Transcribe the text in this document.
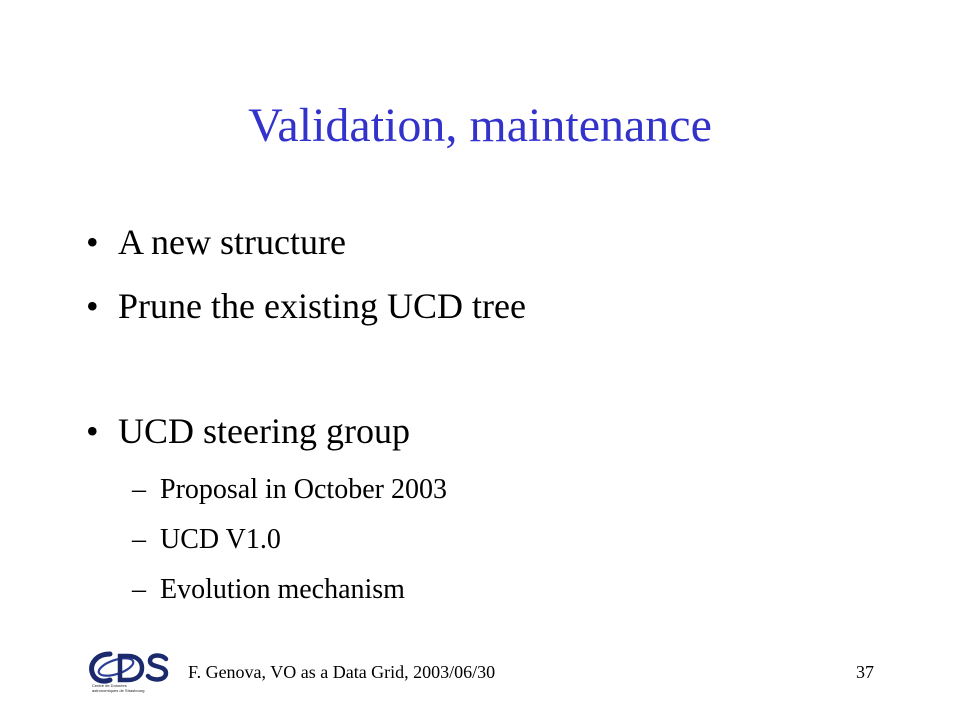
Validation, maintenance
• A new structure
• Prune the existing UCD tree
• UCD steering group
– Proposal in October 2003
– UCD V1.0
– Evolution mechanism
Centre de Données
astronomiques de Strasbourg
F. Genova, VO as a Data Grid, 2003/06/30	37
